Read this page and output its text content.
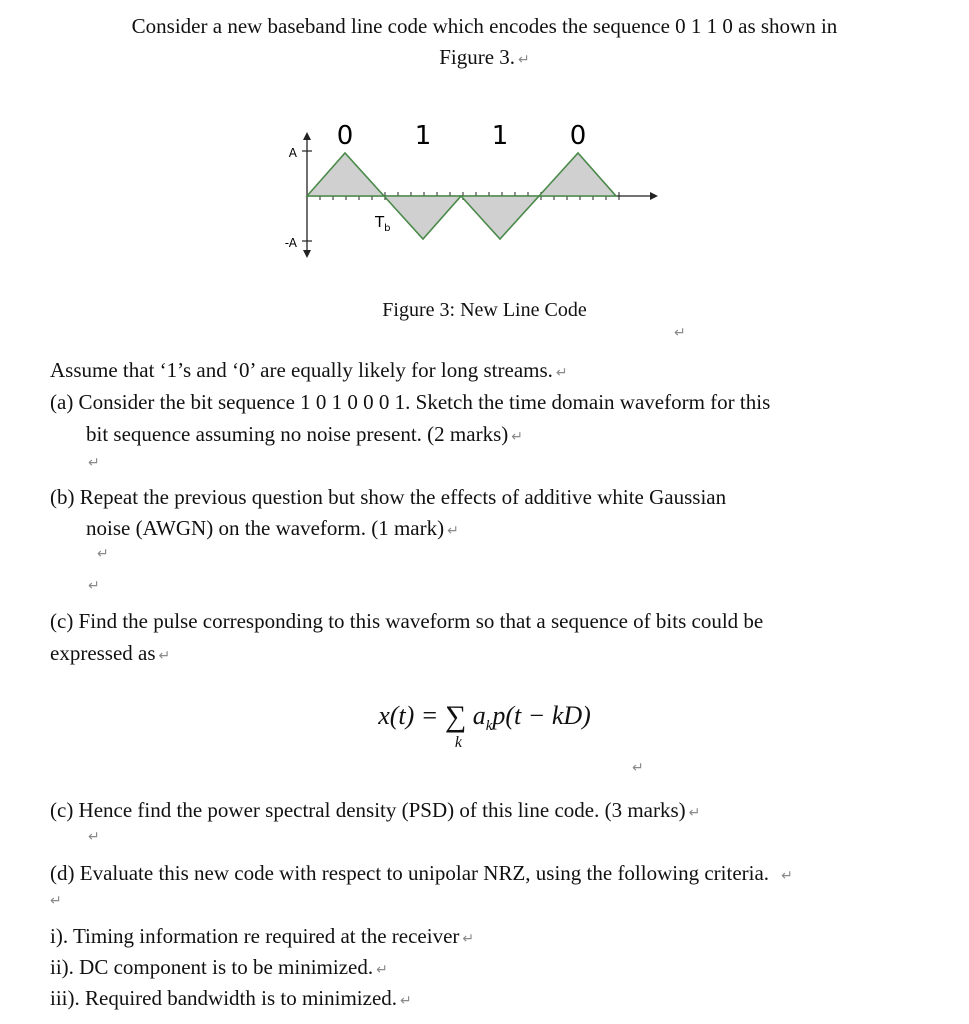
Consider a new baseband line code which encodes the sequence 0 1 1 0 as shown in
Figure 3. ↵
0 1 1 0
A
-A
$T_b$
Figure 3: New Line Code
↵
Assume that ‘1’s and ‘0’ are equally likely for long streams. ↵
(a) Consider the bit sequence 1 0 1 0 0 0 1. Sketch the time domain waveform for this
bit sequence assuming no noise present. (2 marks) ↵
↵
(b) Repeat the previous question but show the effects of additive white Gaussian
noise (AWGN) on the waveform. (1 mark) ↵
↵
↵
(c) Find the pulse corresponding to this waveform so that a sequence of bits could be
expressed as ↵
x(t) = ∑
k
$a_kp(t - kD)$
↵
(c) Hence find the power spectral density (PSD) of this line code. (3 marks) ↵
↵
(d) Evaluate this new code with respect to unipolar NRZ, using the following criteria. ↵
↵
i). Timing information re required at the receiver ↵
ii). DC component is to be minimized. ↵
iii). Required bandwidth is to minimized. ↵
